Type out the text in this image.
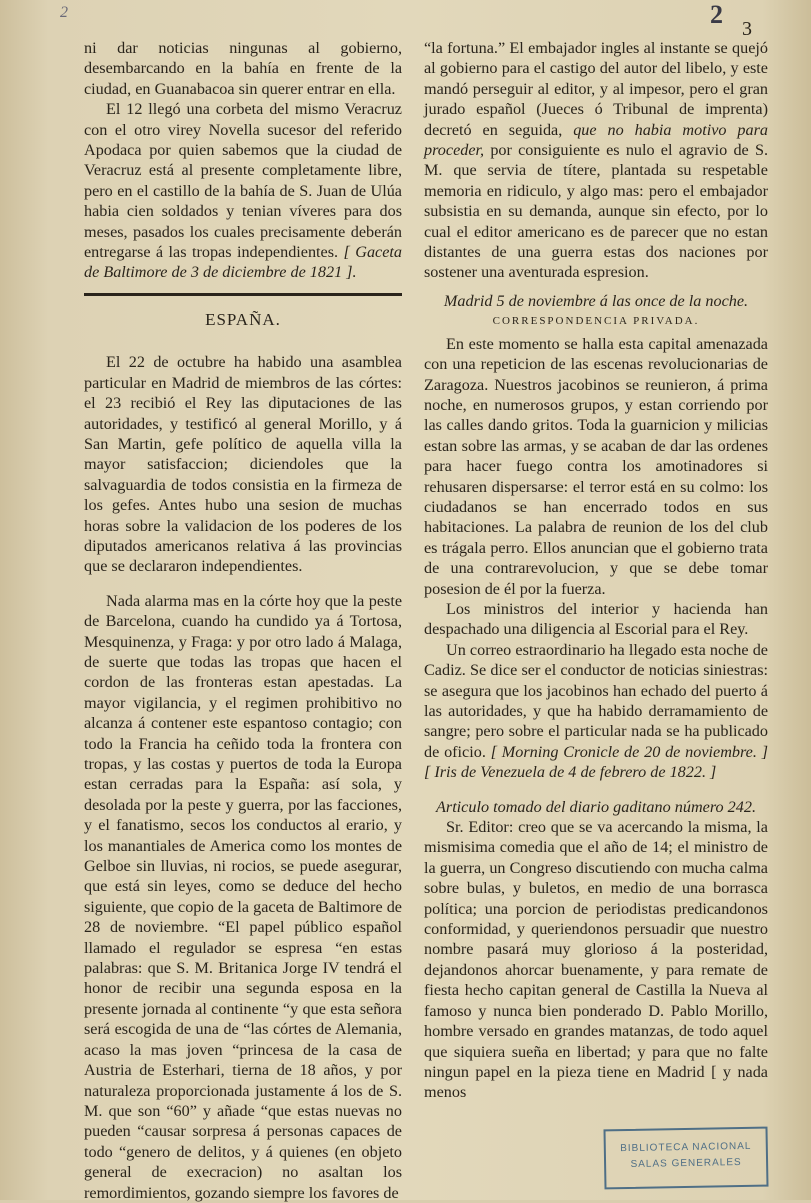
2	2 3

ni dar noticias ningunas al gobierno, desembarcando en la bahía en frente de la ciudad, en Guanabacoa sin querer entrar en ella.

El 12 llegó una corbeta del mismo Veracruz con el otro virey Novella sucesor del referido Apodaca por quien sabemos que la ciudad de Veracruz está al presente completamente libre, pero en el castillo de la bahía de S. Juan de Ulúa habia cien soldados y tenian víveres para dos meses, pasados los cuales precisamente deberán entregarse á las tropas independientes. [ Gaceta de Baltimore de 3 de diciembre de 1821 ].

ESPAÑA.

El 22 de octubre ha habido una asamblea particular en Madrid de miembros de las córtes: el 23 recibió el Rey las diputaciones de las autoridades, y testificó al general Morillo, y á San Martin, gefe político de aquella villa la mayor satisfaccion; diciendoles que la salvaguardia de todos consistia en la firmeza de los gefes. Antes hubo una sesion de muchas horas sobre la validacion de los poderes de los diputados americanos relativa á las provincias que se declararon independientes.

Nada alarma mas en la córte hoy que la peste de Barcelona, cuando ha cundido ya á Tortosa, Mesquinenza, y Fraga: y por otro lado á Malaga, de suerte que todas las tropas que hacen el cordon de las fronteras estan apestadas. La mayor vigilancia, y el regimen prohibitivo no alcanza á contener este espantoso contagio; con todo la Francia ha ceñido toda la frontera con tropas, y las costas y puertos de toda la Europa estan cerradas para la España: así sola, y desolada por la peste y guerra, por las facciones, y el fanatismo, secos los conductos al erario, y los manantiales de America como los montes de Gelboe sin lluvias, ni rocios, se puede asegurar, que está sin leyes, como se deduce del hecho siguiente, que copio de la gaceta de Baltimore de 28 de noviembre. “El papel público español llamado el regulador se espresa “en estas palabras: que S. M. Britanica Jorge IV tendrá el honor de recibir una segunda esposa en la presente jornada al continente “y que esta señora será escogida de una de “las córtes de Alemania, acaso la mas joven “princesa de la casa de Austria de Esterhari, tierna de 18 años, y por naturaleza proporcionada justamente á los de S. M. que son “60” y añade “que estas nuevas no pueden “causar sorpresa á personas capaces de todo “genero de delitos, y á quienes (en objeto general de execracion) no asaltan los remordimientos, gozando siempre los favores de

“la fortuna.” El embajador ingles al instante se quejó al gobierno para el castigo del autor del libelo, y este mandó perseguir al editor, y al impesor, pero el gran jurado español (Jueces ó Tribunal de imprenta) decretó en seguida, que no habia motivo para proceder, por consiguiente es nulo el agravio de S. M. que servia de títere, plantada su respetable memoria en ridiculo, y algo mas: pero el embajador subsistia en su demanda, aunque sin efecto, por lo cual el editor americano es de parecer que no estan distantes de una guerra estas dos naciones por sostener una aventurada espresion.

Madrid 5 de noviembre á las once de la noche.
CORRESPONDENCIA PRIVADA.

En este momento se halla esta capital amenazada con una repeticion de las escenas revolucionarias de Zaragoza. Nuestros jacobinos se reunieron, á prima noche, en numerosos grupos, y estan corriendo por las calles dando gritos. Toda la guarnicion y milicias estan sobre las armas, y se acaban de dar las ordenes para hacer fuego contra los amotinadores si rehusaren dispersarse: el terror está en su colmo: los ciudadanos se han encerrado todos en sus habitaciones. La palabra de reunion de los del club es trágala perro. Ellos anuncian que el gobierno trata de una contrarevolucion, y que se debe tomar posesion de él por la fuerza.

Los ministros del interior y hacienda han despachado una diligencia al Escorial para el Rey.

Un correo estraordinario ha llegado esta noche de Cadiz. Se dice ser el conductor de noticias siniestras: se asegura que los jacobinos han echado del puerto á las autoridades, y que ha habido derramamiento de sangre; pero sobre el particular nada se ha publicado de oficio. [ Morning Cronicle de 20 de noviembre. ] [ Iris de Venezuela de 4 de febrero de 1822. ]

Articulo tomado del diario gaditano número 242.

Sr. Editor: creo que se va acercando la misma, la mismisima comedia que el año de 14; el ministro de la guerra, un Congreso discutiendo con mucha calma sobre bulas, y buletos, en medio de una borrasca política; una porcion de periodistas predicandonos conformidad, y queriendonos persuadir que nuestro nombre pasará muy glorioso á la posteridad, dejandonos ahorcar buenamente, y para remate de fiesta hecho capitan general de Castilla la Nueva al famoso y nunca bien ponderado D. Pablo Morillo, hombre versado en grandes matanzas, de todo aquel que siquiera sueña en libertad; y para que no falte ningun papel en la pieza tiene en Madrid [ y nada menos

BIBLIOTECA NACIONAL
SALAS GENERALES
